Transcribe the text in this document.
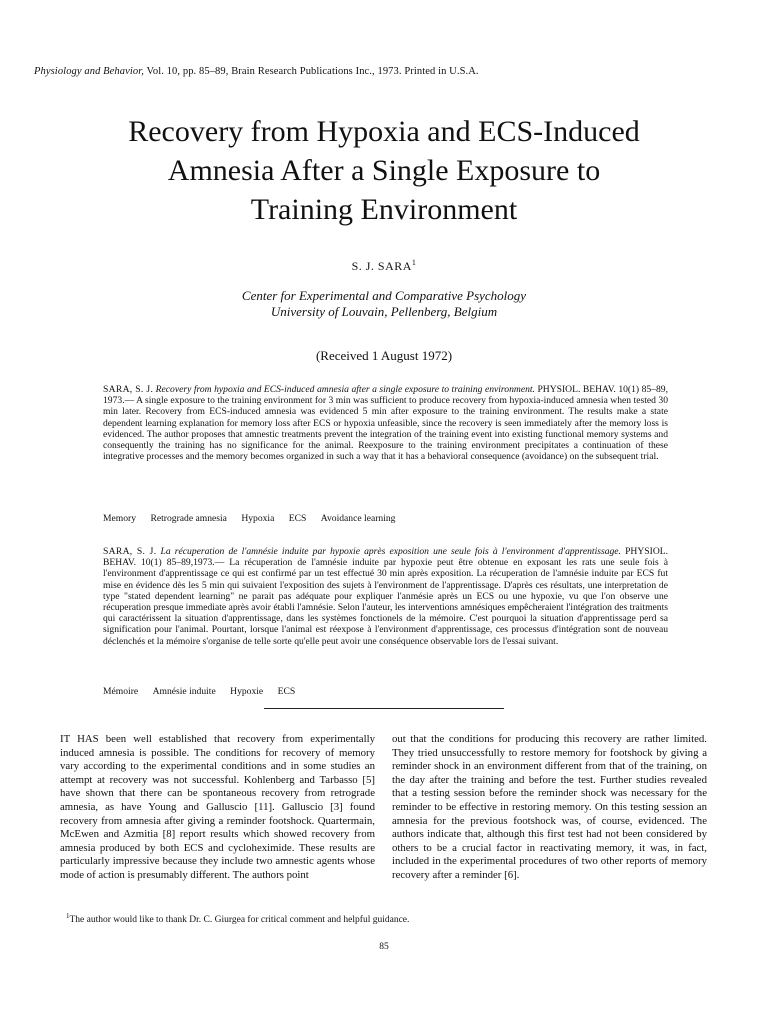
Physiology and Behavior, Vol. 10, pp. 85–89, Brain Research Publications Inc., 1973. Printed in U.S.A.
Recovery from Hypoxia and ECS-Induced
Amnesia After a Single Exposure to
Training Environment
S. J. SARA$^1$
Center for Experimental and Comparative Psychology
University of Louvain, Pellenberg, Belgium
(Received 1 August 1972)
SARA, S. J. Recovery from hypoxia and ECS-induced amnesia after a single exposure to training environment. PHYSIOL. BEHAV. 10(1) 85–89, 1973.— A single exposure to the training environment for 3 min was sufficient to produce recovery from hypoxia-induced amnesia when tested 30 min later. Recovery from ECS-induced amnesia was evidenced 5 min after exposure to the training environment. The results make a state dependent learning explanation for memory loss after ECS or hypoxia unfeasible, since the recovery is seen immediately after the memory loss is evidenced. The author proposes that amnestic treatments prevent the integration of the training event into existing functional memory systems and consequently the training has no significance for the animal. Reexposure to the training environment precipitates a continuation of these integrative processes and the memory becomes organized in such a way that it has a behavioral consequence (avoidance) on the subsequent trial.
Memory Retrograde amnesia Hypoxia ECS Avoidance learning
SARA, S. J. La récuperation de l'amnésie induite par hypoxie après exposition une seule fois à l'environment d'apprentissage. PHYSIOL. BEHAV. 10(1) 85–89,1973.— La récuperation de l'amnésie induite par hypoxie peut être obtenue en exposant les rats une seule fois à l'environment d'apprentissage ce qui est confirmé par un test effectué 30 min après exposition. La récuperation de l'amnésie induite par ECS fut mise en évidence dès les 5 min qui suivaient l'exposition des sujets à l'environment de l'apprentissage. D'après ces résultats, une interpretation de type "stated dependent learning" ne parait pas adéquate pour expliquer l'anmésie après un ECS ou une hypoxie, vu que l'on observe une récuperation presque immediate après avoir établi l'amnésie. Selon l'auteur, les interventions amnésiques empêcheraient l'intégration des traitments qui caractérissent la situation d'apprentissage, dans les systèmes fonctionels de la mémoire. C'est pourquoi la situation d'apprentissage perd sa signification pour l'animal. Pourtant, lorsque l'animal est réexpose à l'environment d'apprentissage, ces processus d'intégration sont de nouveau déclenchés et la mémoire s'organise de telle sorte qu'elle peut avoir une conséquence observable lors de l'essai suivant.
Mémoire Amnésie induite Hypoxie ECS
IT HAS been well established that recovery from experimentally induced amnesia is possible. The conditions for recovery of memory vary according to the experimental conditions and in some studies an attempt at recovery was not successful. Kohlenberg and Tarbasso [5] have shown that there can be spontaneous recovery from retrograde amnesia, as have Young and Galluscio [11]. Galluscio [3] found recovery from amnesia after giving a reminder footshock. Quartermain, McEwen and Azmitia [8] report results which showed recovery from amnesia produced by both ECS and cycloheximide. These results are particularly impressive because they include two amnestic agents whose mode of action is presumably different. The authors point
out that the conditions for producing this recovery are rather limited. They tried unsuccessfully to restore memory for footshock by giving a reminder shock in an environment different from that of the training, on the day after the training and before the test. Further studies revealed that a testing session before the reminder shock was necessary for the reminder to be effective in restoring memory. On this testing session an amnesia for the previous footshock was, of course, evidenced. The authors indicate that, although this first test had not been considered by others to be a crucial factor in reactivating memory, it was, in fact, included in the experimental procedures of two other reports of memory recovery after a reminder [6].
$^1$The author would like to thank Dr. C. Giurgea for critical comment and helpful guidance.
85
